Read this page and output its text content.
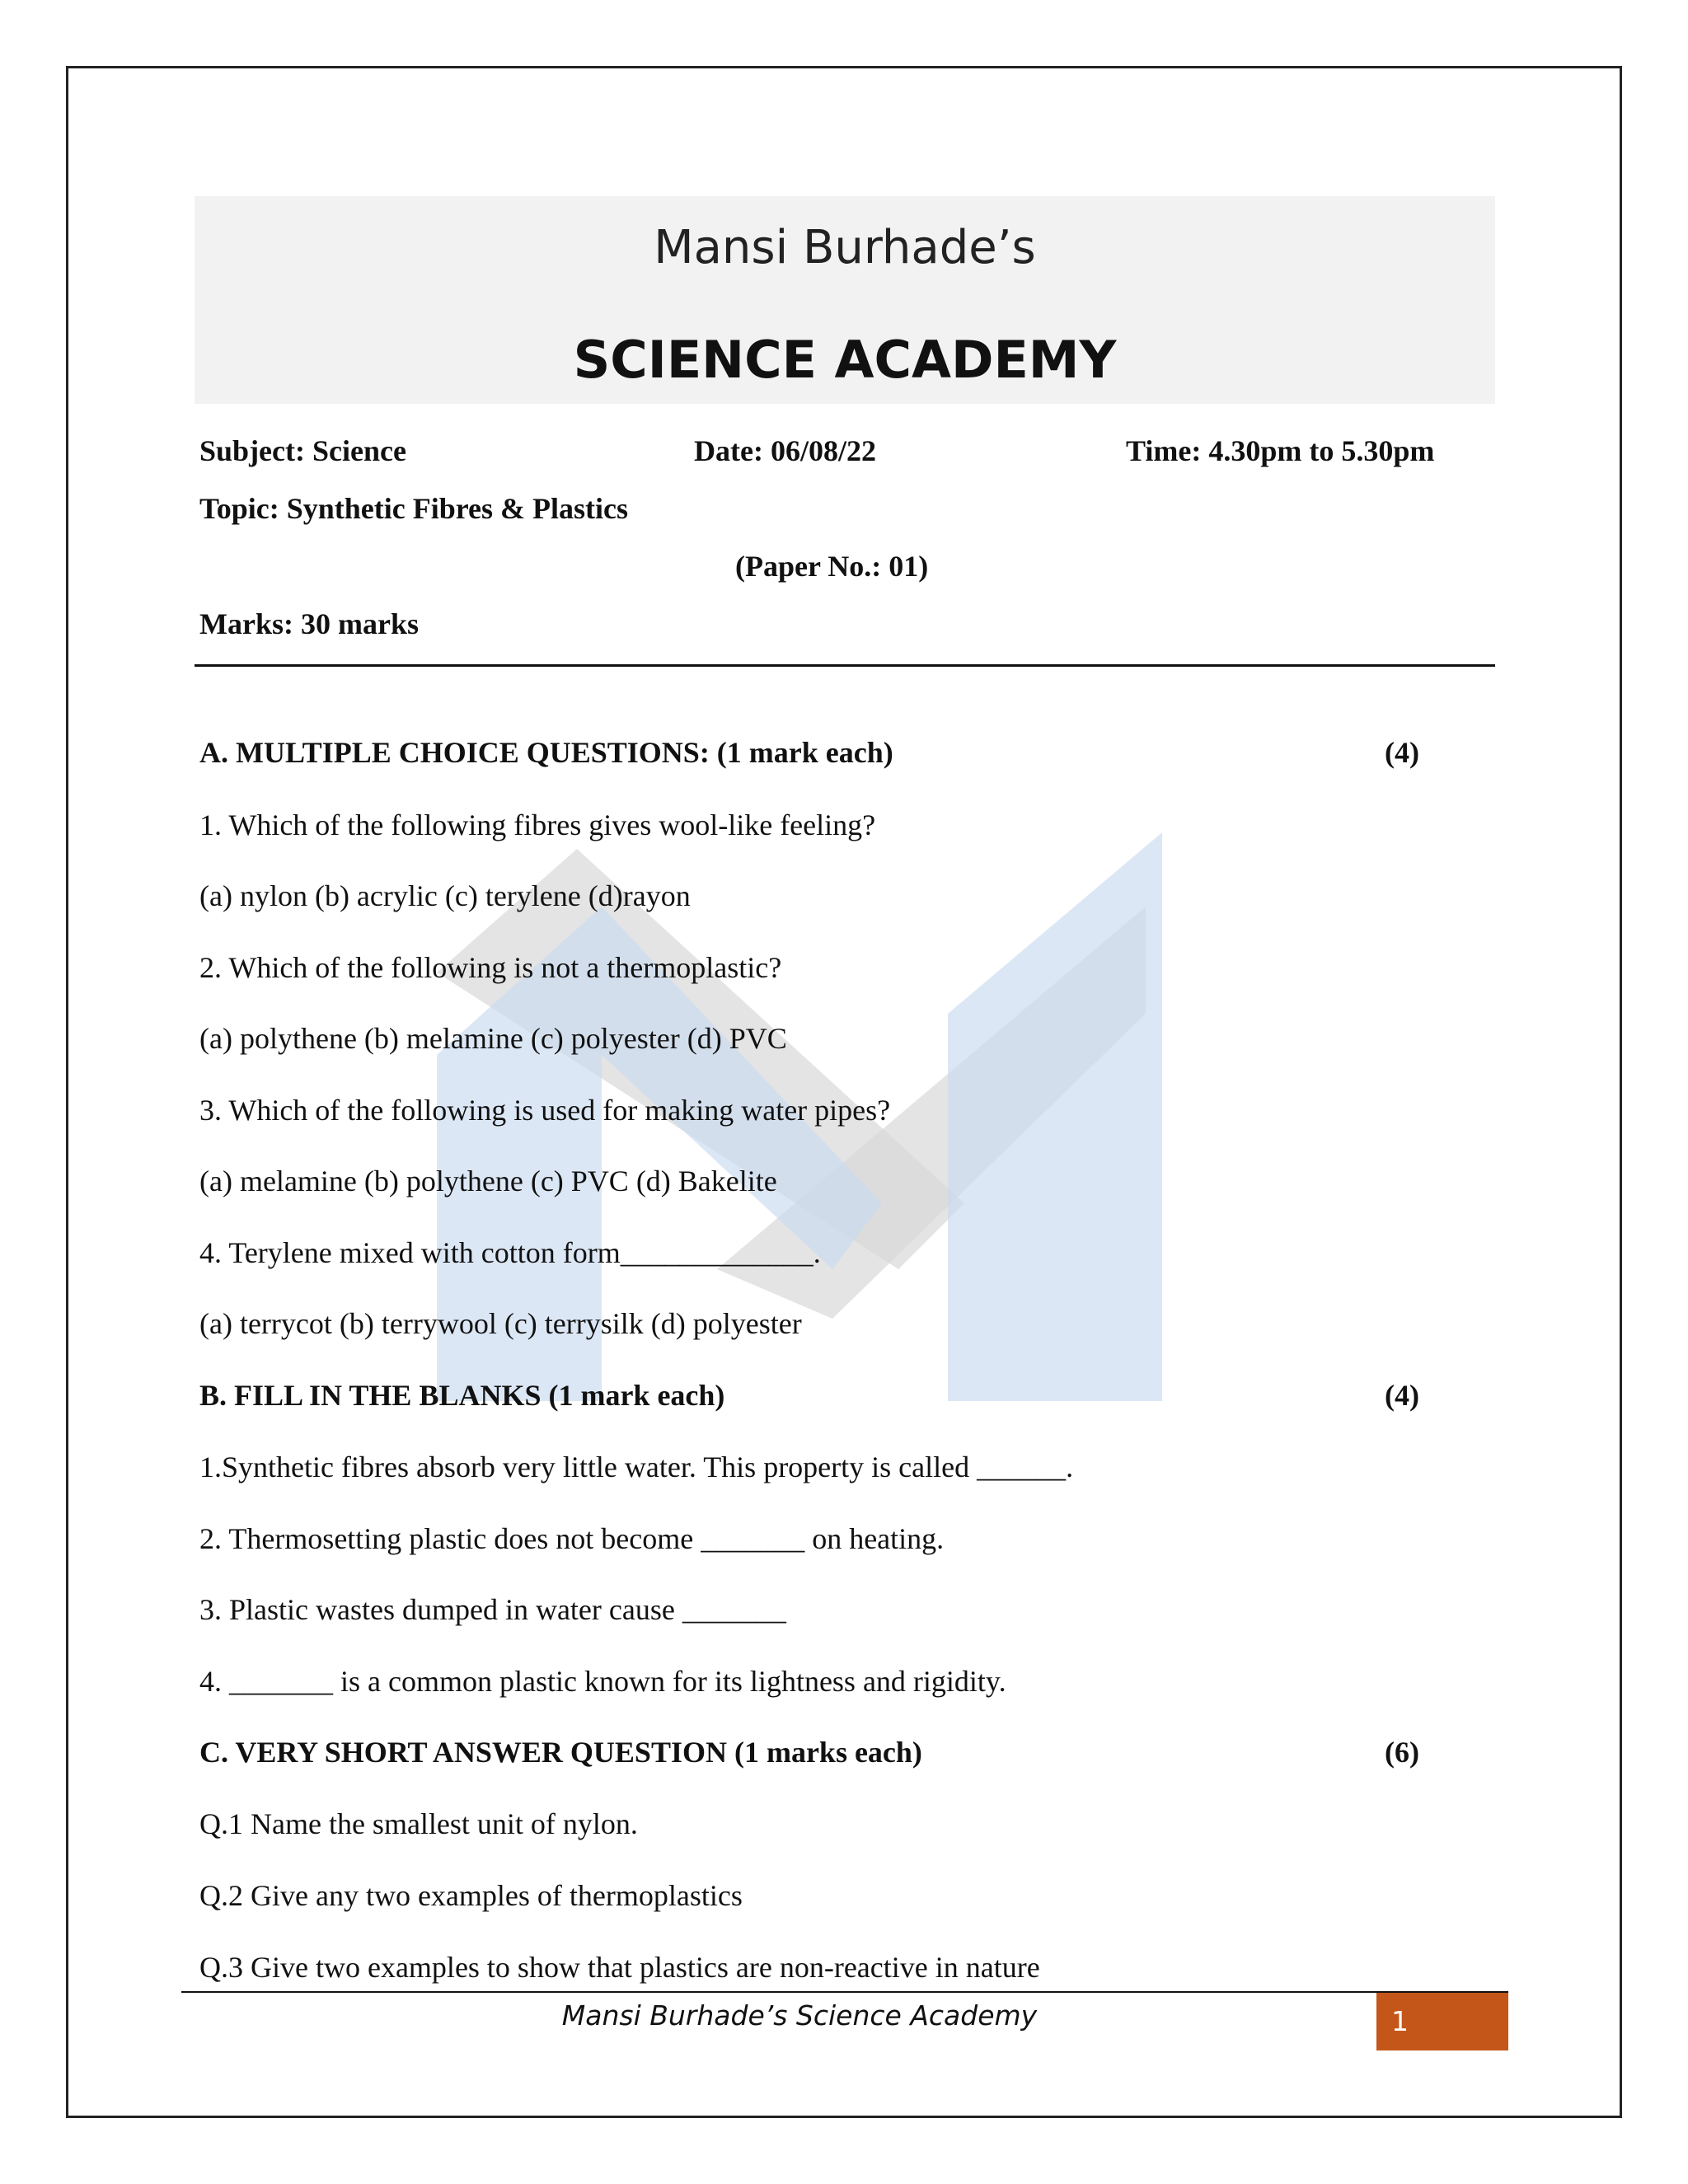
Mansi Burhade’s
SCIENCE ACADEMY
Subject: Science	Date: 06/08/22	Time: 4.30pm to 5.30pm
Topic: Synthetic Fibres & Plastics
(Paper No.: 01)
Marks: 30 marks
A. MULTIPLE CHOICE QUESTIONS: (1 mark each)	(4)
1. Which of the following fibres gives wool-like feeling?
(a) nylon (b) acrylic (c) terylene (d)rayon
2. Which of the following is not a thermoplastic?
(a) polythene (b) melamine (c) polyester (d) PVC
3. Which of the following is used for making water pipes?
(a) melamine (b) polythene (c) PVC (d) Bakelite
4. Terylene mixed with cotton form_____________.
(a) terrycot (b) terrywool (c) terrysilk (d) polyester
B. FILL IN THE BLANKS (1 mark each)	(4)
1.Synthetic fibres absorb very little water. This property is called ______.
2. Thermosetting plastic does not become _______ on heating.
3. Plastic wastes dumped in water cause _______
4. _______ is a common plastic known for its lightness and rigidity.
C. VERY SHORT ANSWER QUESTION (1 marks each)	(6)
Q.1 Name the smallest unit of nylon.
Q.2 Give any two examples of thermoplastics
Q.3 Give two examples to show that plastics are non-reactive in nature
Mansi Burhade’s Science Academy	1
